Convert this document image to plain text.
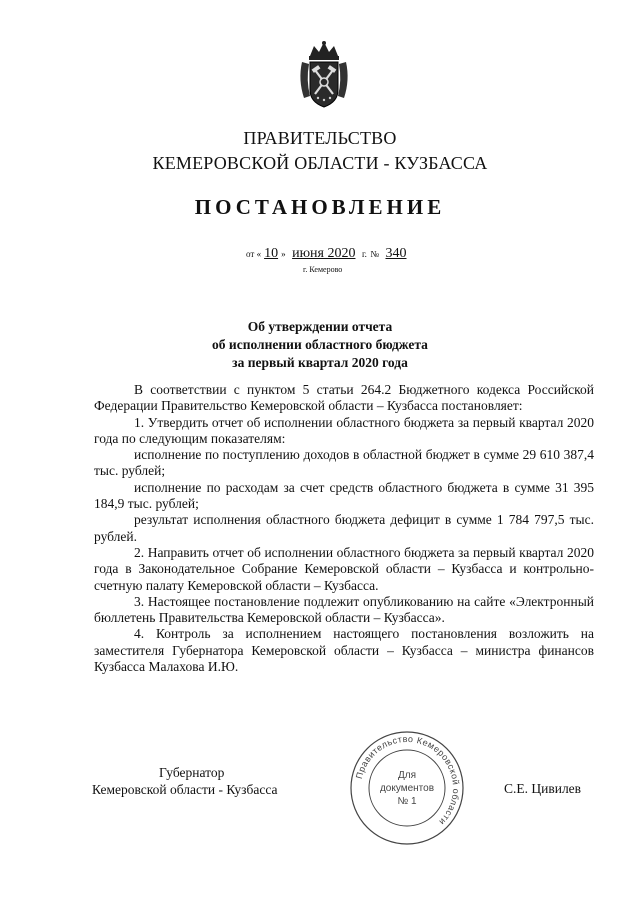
ПРАВИТЕЛЬСТВО
КЕМЕРОВСКОЙ ОБЛАСТИ - КУЗБАССА
ПОСТАНОВЛЕНИЕ
от « 10 » июня 2020 г. № 340
г. Кемерово
Об утверждении отчета
об исполнении областного бюджета
за первый квартал 2020 года

В соответствии с пунктом 5 статьи 264.2 Бюджетного кодекса Российской Федерации Правительство Кемеровской области – Кузбасса постановляет:

1. Утвердить отчет об исполнении областного бюджета за первый квартал 2020 года по следующим показателям:

исполнение по поступлению доходов в областной бюджет в сумме 29 610 387,4 тыс. рублей;

исполнение по расходам за счет средств областного бюджета в сумме 31 395 184,9 тыс. рублей;

результат исполнения областного бюджета дефицит в сумме 1 784 797,5 тыс. рублей.

2. Направить отчет об исполнении областного бюджета за первый квартал 2020 года в Законодательное Собрание Кемеровской области – Кузбасса и контрольно-счетную палату Кемеровской области – Кузбасса.

3. Настоящее постановление подлежит опубликованию на сайте «Электронный бюллетень Правительства Кемеровской области – Кузбасса».

4. Контроль за исполнением настоящего постановления возложить на заместителя Губернатора Кемеровской области – Кузбасса – министра финансов Кузбасса Малахова И.Ю.

Губернатор
Кемеровской области - Кузбасса
Правительство Кемеровской области
Для
документов
№ 1
С.Е. Цивилев
